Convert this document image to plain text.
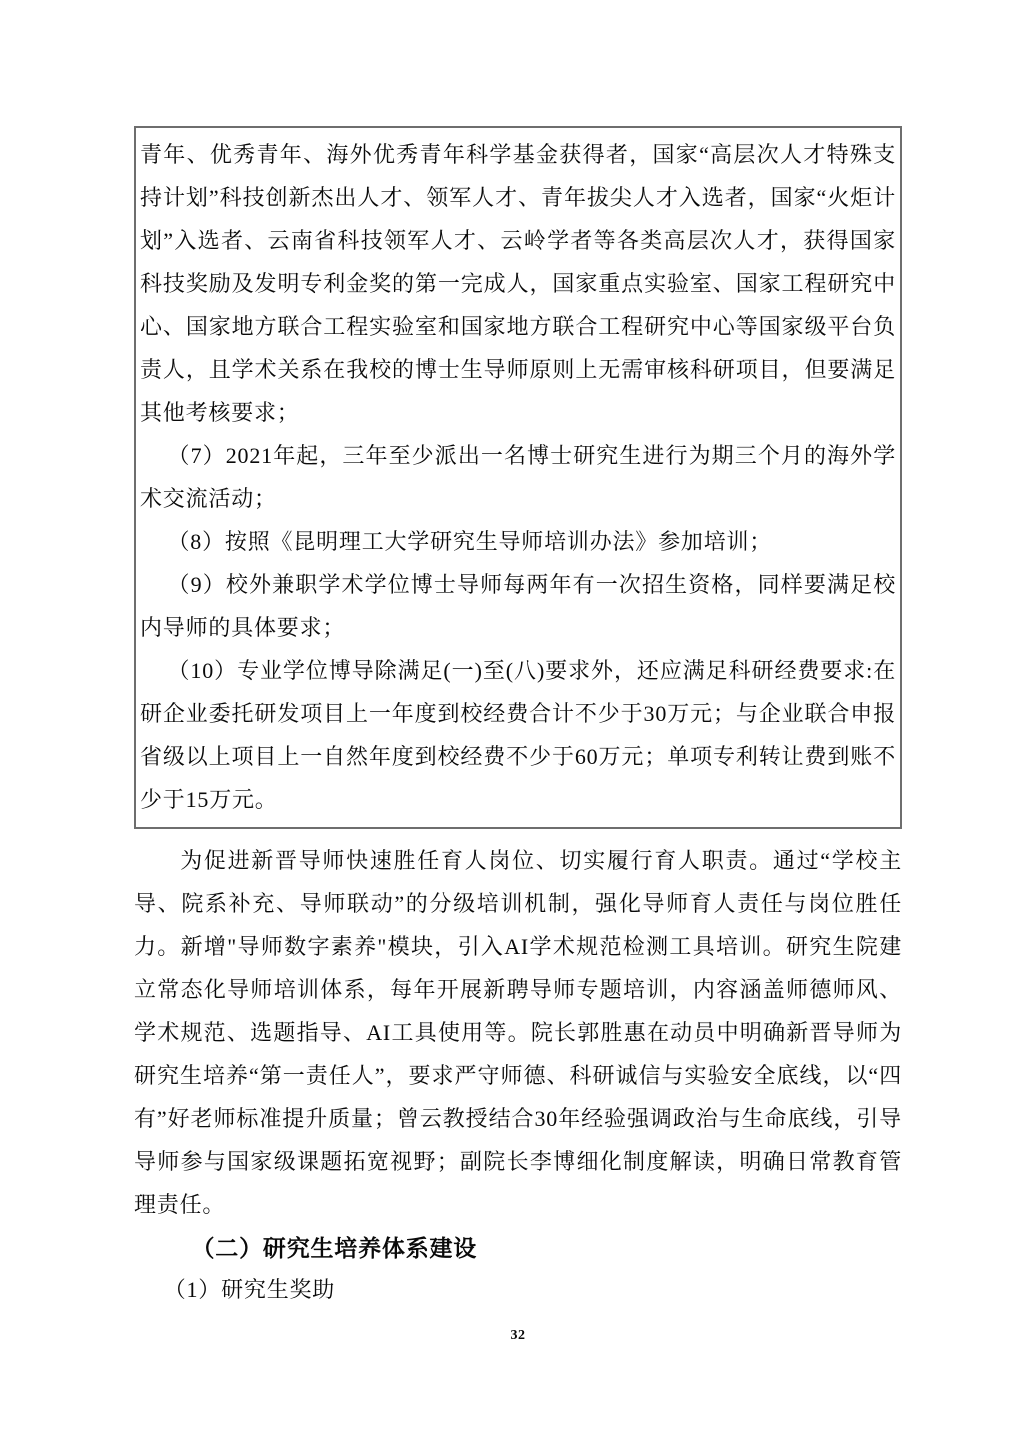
青年、优秀青年、海外优秀青年科学基金获得者，国家“高层次人才特殊支持计划”科技创新杰出人才、领军人才、青年拔尖人才入选者，国家“火炬计划”入选者、云南省科技领军人才、云岭学者等各类高层次人才，获得国家科技奖励及发明专利金奖的第一完成人，国家重点实验室、国家工程研究中心、国家地方联合工程实验室和国家地方联合工程研究中心等国家级平台负责人，且学术关系在我校的博士生导师原则上无需审核科研项目，但要满足其他考核要求；

（7）2021年起，三年至少派出一名博士研究生进行为期三个月的海外学术交流活动；

（8）按照《昆明理工大学研究生导师培训办法》参加培训；

（9）校外兼职学术学位博士导师每两年有一次招生资格，同样要满足校内导师的具体要求；

（10）专业学位博导除满足(一)至(八)要求外，还应满足科研经费要求:在研企业委托研发项目上一年度到校经费合计不少于30万元；与企业联合申报省级以上项目上一自然年度到校经费不少于60万元；单项专利转让费到账不少于15万元。

为促进新晋导师快速胜任育人岗位、切实履行育人职责。通过“学校主导、院系补充、导师联动”的分级培训机制，强化导师育人责任与岗位胜任力。新增"导师数字素养"模块，引入AI学术规范检测工具培训。研究生院建立常态化导师培训体系，每年开展新聘导师专题培训，内容涵盖师德师风、学术规范、选题指导、AI工具使用等。院长郭胜惠在动员中明确新晋导师为研究生培养“第一责任人”，要求严守师德、科研诚信与实验安全底线，以“四有”好老师标准提升质量；曾云教授结合30年经验强调政治与生命底线，引导导师参与国家级课题拓宽视野；副院长李博细化制度解读，明确日常教育管理责任。

（二）研究生培养体系建设

（1）研究生奖助

32
